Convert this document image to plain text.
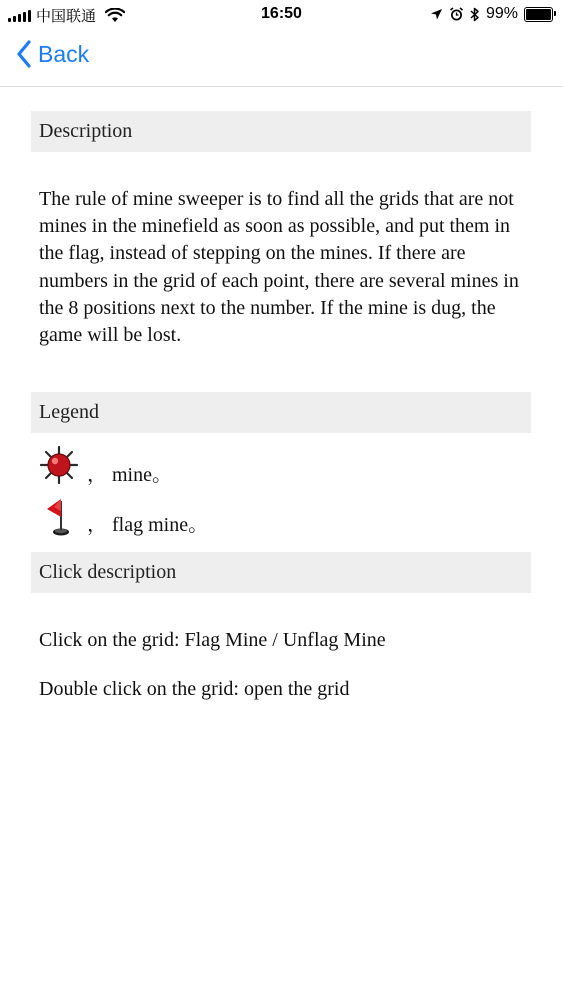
中国联通	16:50	99%
Back
Description
The rule of mine sweeper is to find all the grids that are not mines in the minefield as soon as possible, and put them in the flag, instead of stepping on the mines. If there are numbers in the grid of each point, there are several mines in the 8 positions next to the number. If the mine is dug, the game will be lost.
Legend
， mine。
， flag mine。
Click description
Click on the grid: Flag Mine / Unflag Mine
Double click on the grid: open the grid
